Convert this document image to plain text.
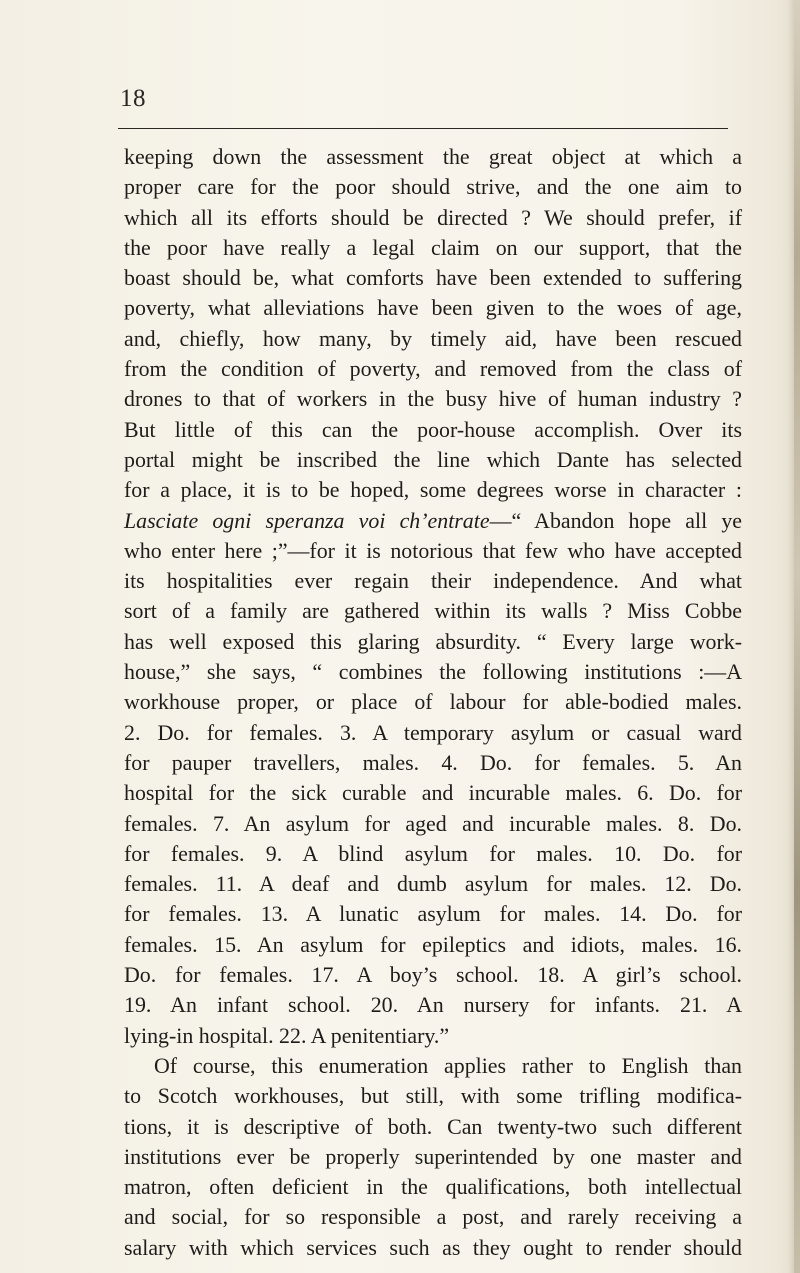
18
keeping down the assessment the great object at which a
proper care for the poor should strive, and the one aim to
which all its efforts should be directed ? We should prefer, if
the poor have really a legal claim on our support, that the
boast should be, what comforts have been extended to suffering
poverty, what alleviations have been given to the woes of age,
and, chiefly, how many, by timely aid, have been rescued
from the condition of poverty, and removed from the class of
drones to that of workers in the busy hive of human industry ?
But little of this can the poor-house accomplish. Over its
portal might be inscribed the line which Dante has selected
for a place, it is to be hoped, some degrees worse in character :
Lasciate ogni speranza voi ch’entrate—“ Abandon hope all ye
who enter here ;”—for it is notorious that few who have accepted
its hospitalities ever regain their independence. And what
sort of a family are gathered within its walls ? Miss Cobbe
has well exposed this glaring absurdity. “ Every large work-
house,” she says, “ combines the following institutions :—A
workhouse proper, or place of labour for able-bodied males.
2. Do. for females. 3. A temporary asylum or casual ward
for pauper travellers, males. 4. Do. for females. 5. An
hospital for the sick curable and incurable males. 6. Do. for
females. 7. An asylum for aged and incurable males. 8. Do.
for females. 9. A blind asylum for males. 10. Do. for
females. 11. A deaf and dumb asylum for males. 12. Do.
for females. 13. A lunatic asylum for males. 14. Do. for
females. 15. An asylum for epileptics and idiots, males. 16.
Do. for females. 17. A boy’s school. 18. A girl’s school.
19. An infant school. 20. An nursery for infants. 21. A
lying-in hospital. 22. A penitentiary.”
Of course, this enumeration applies rather to English than
to Scotch workhouses, but still, with some trifling modifica-
tions, it is descriptive of both. Can twenty-two such different
institutions ever be properly superintended by one master and
matron, often deficient in the qualifications, both intellectual
and social, for so responsible a post, and rarely receiving a
salary with which services such as they ought to render should
